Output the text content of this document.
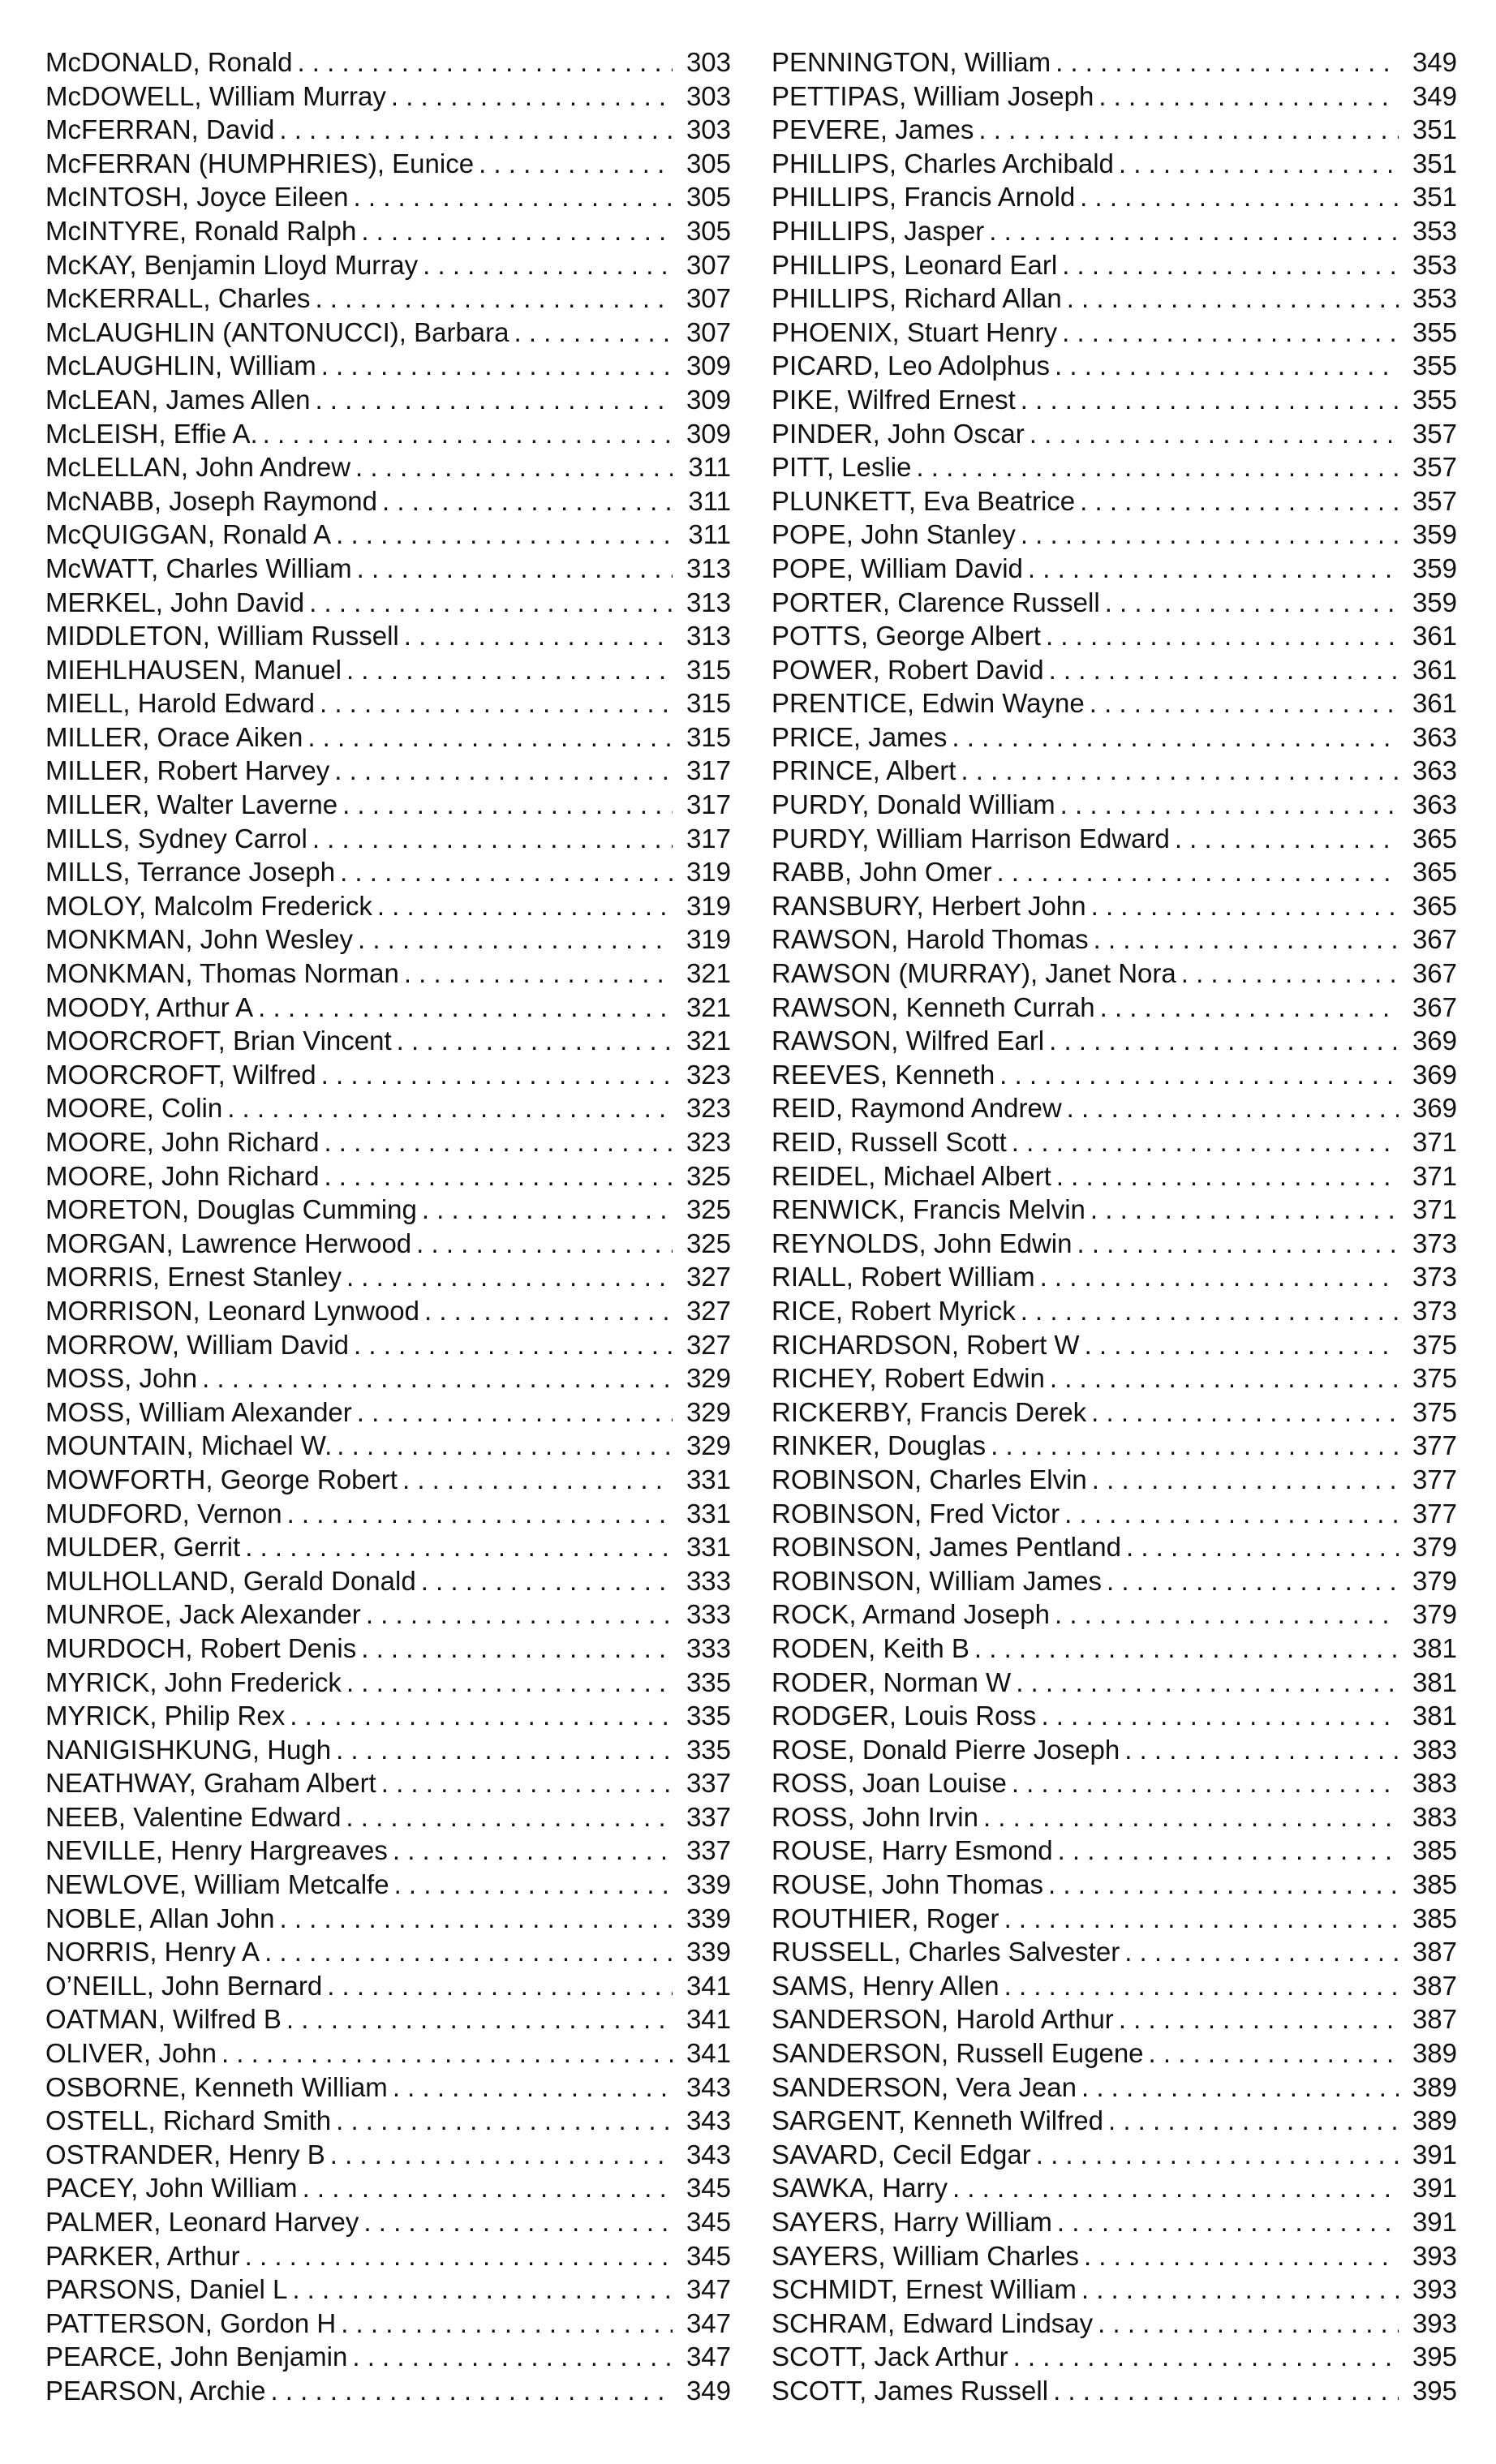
McDONALD, Ronald . . .	303
McDOWELL, William Murray . . .	303
McFERRAN, David . . .	303
McFERRAN (HUMPHRIES), Eunice . . .	305
McINTOSH, Joyce Eileen . . .	305
McINTYRE, Ronald Ralph . . .	305
McKAY, Benjamin Lloyd Murray . . .	307
McKERRALL, Charles . . .	307
McLAUGHLIN (ANTONUCCI), Barbara . . .	307
McLAUGHLIN, William . . .	309
McLEAN, James Allen . . .	309
McLEISH, Effie A. . . .	309
McLELLAN, John Andrew . . .	311
McNABB, Joseph Raymond . . .	311
McQUIGGAN, Ronald A . . .	311
McWATT, Charles William . . .	313
MERKEL, John David . . .	313
MIDDLETON, William Russell . . .	313
MIEHLHAUSEN, Manuel . . .	315
MIELL, Harold Edward . . .	315
MILLER, Orace Aiken . . .	315
MILLER, Robert Harvey . . .	317
MILLER, Walter Laverne . . .	317
MILLS, Sydney Carrol . . .	317
MILLS, Terrance Joseph . . .	319
MOLOY, Malcolm Frederick . . .	319
MONKMAN, John Wesley . . .	319
MONKMAN, Thomas Norman . . .	321
MOODY, Arthur A . . .	321
MOORCROFT, Brian Vincent . . .	321
MOORCROFT, Wilfred . . .	323
MOORE, Colin . . .	323
MOORE, John Richard . . .	323
MOORE, John Richard . . .	325
MORETON, Douglas Cumming . . .	325
MORGAN, Lawrence Herwood . . .	325
MORRIS, Ernest Stanley . . .	327
MORRISON, Leonard Lynwood . . .	327
MORROW, William David . . .	327
MOSS, John . . .	329
MOSS, William Alexander . . .	329
MOUNTAIN, Michael W. . . .	329
MOWFORTH, George Robert . . .	331
MUDFORD, Vernon . . .	331
MULDER, Gerrit . . .	331
MULHOLLAND, Gerald Donald . . .	333
MUNROE, Jack Alexander . . .	333
MURDOCH, Robert Denis . . .	333
MYRICK, John Frederick . . .	335
MYRICK, Philip Rex . . .	335
NANIGISHKUNG, Hugh . . .	335
NEATHWAY, Graham Albert . . .	337
NEEB, Valentine Edward . . .	337
NEVILLE, Henry Hargreaves . . .	337
NEWLOVE, William Metcalfe . . .	339
NOBLE, Allan John . . .	339
NORRIS, Henry A . . .	339
O’NEILL, John Bernard . . .	341
OATMAN, Wilfred B . . .	341
OLIVER, John . . .	341
OSBORNE, Kenneth William . . .	343
OSTELL, Richard Smith . . .	343
OSTRANDER, Henry B . . .	343
PACEY, John William . . .	345
PALMER, Leonard Harvey . . .	345
PARKER, Arthur . . .	345
PARSONS, Daniel L . . .	347
PATTERSON, Gordon H . . .	347
PEARCE, John Benjamin . . .	347
PEARSON, Archie . . .	349
PENNINGTON, William . . .	349
PETTIPAS, William Joseph . . .	349
PEVERE, James . . .	351
PHILLIPS, Charles Archibald . . .	351
PHILLIPS, Francis Arnold . . .	351
PHILLIPS, Jasper . . .	353
PHILLIPS, Leonard Earl . . .	353
PHILLIPS, Richard Allan . . .	353
PHOENIX, Stuart Henry . . .	355
PICARD, Leo Adolphus . . .	355
PIKE, Wilfred Ernest . . .	355
PINDER, John Oscar . . .	357
PITT, Leslie . . .	357
PLUNKETT, Eva Beatrice . . .	357
POPE, John Stanley . . .	359
POPE, William David . . .	359
PORTER, Clarence Russell . . .	359
POTTS, George Albert . . .	361
POWER, Robert David . . .	361
PRENTICE, Edwin Wayne . . .	361
PRICE, James . . .	363
PRINCE, Albert . . .	363
PURDY, Donald William . . .	363
PURDY, William Harrison Edward . . .	365
RABB, John Omer . . .	365
RANSBURY, Herbert John . . .	365
RAWSON, Harold Thomas . . .	367
RAWSON (MURRAY), Janet Nora . . .	367
RAWSON, Kenneth Currah . . .	367
RAWSON, Wilfred Earl . . .	369
REEVES, Kenneth . . .	369
REID, Raymond Andrew . . .	369
REID, Russell Scott . . .	371
REIDEL, Michael Albert . . .	371
RENWICK, Francis Melvin . . .	371
REYNOLDS, John Edwin . . .	373
RIALL, Robert William . . .	373
RICE, Robert Myrick . . .	373
RICHARDSON, Robert W . . .	375
RICHEY, Robert Edwin . . .	375
RICKERBY, Francis Derek . . .	375
RINKER, Douglas . . .	377
ROBINSON, Charles Elvin . . .	377
ROBINSON, Fred Victor . . .	377
ROBINSON, James Pentland . . .	379
ROBINSON, William James . . .	379
ROCK, Armand Joseph . . .	379
RODEN, Keith B . . .	381
RODER, Norman W . . .	381
RODGER, Louis Ross . . .	381
ROSE, Donald Pierre Joseph . . .	383
ROSS, Joan Louise . . .	383
ROSS, John Irvin . . .	383
ROUSE, Harry Esmond . . .	385
ROUSE, John Thomas . . .	385
ROUTHIER, Roger . . .	385
RUSSELL, Charles Salvester . . .	387
SAMS, Henry Allen . . .	387
SANDERSON, Harold Arthur . . .	387
SANDERSON, Russell Eugene . . .	389
SANDERSON, Vera Jean . . .	389
SARGENT, Kenneth Wilfred . . .	389
SAVARD, Cecil Edgar . . .	391
SAWKA, Harry . . .	391
SAYERS, Harry William . . .	391
SAYERS, William Charles . . .	393
SCHMIDT, Ernest William . . .	393
SCHRAM, Edward Lindsay . . .	393
SCOTT, Jack Arthur . . .	395
SCOTT, James Russell . . .	395
